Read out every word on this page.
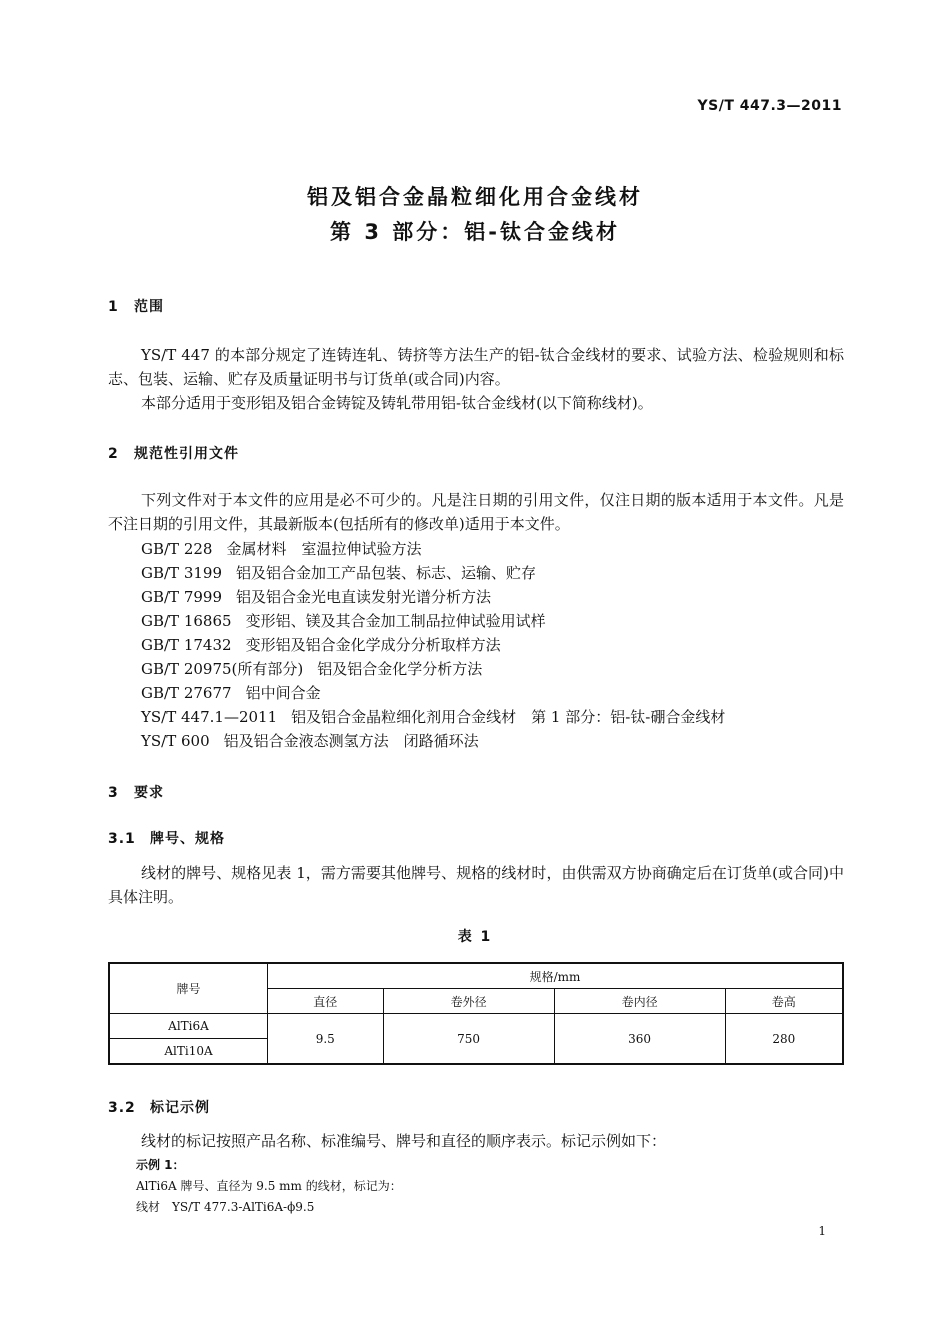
YS/T 447.3—2011
铝及铝合金晶粒细化用合金线材
第 3 部分：铝-钛合金线材
1 范围

YS/T 447 的本部分规定了连铸连轧、铸挤等方法生产的铝-钛合金线材的要求、试验方法、检验规则和标志、包装、运输、贮存及质量证明书与订货单(或合同)内容。

本部分适用于变形铝及铝合金铸锭及铸轧带用铝-钛合金线材(以下简称线材)。

2 规范性引用文件

下列文件对于本文件的应用是必不可少的。凡是注日期的引用文件，仅注日期的版本适用于本文件。凡是不注日期的引用文件，其最新版本(包括所有的修改单)适用于本文件。

GB/T 228 金属材料　室温拉伸试验方法
GB/T 3199 铝及铝合金加工产品包装、标志、运输、贮存
GB/T 7999 铝及铝合金光电直读发射光谱分析方法
GB/T 16865 变形铝、镁及其合金加工制品拉伸试验用试样
GB/T 17432 变形铝及铝合金化学成分分析取样方法
GB/T 20975(所有部分) 铝及铝合金化学分析方法
GB/T 27677 铝中间合金
YS/T 447.1—2011 铝及铝合金晶粒细化剂用合金线材　第 1 部分：铝-钛-硼合金线材
YS/T 600 铝及铝合金液态测氢方法　闭路循环法
3 要求
3.1 牌号、规格

线材的牌号、规格见表 1，需方需要其他牌号、规格的线材时，由供需双方协商确定后在订货单(或合同)中具体注明。

表 1
牌号	规格/mm			
	直径	卷外径	卷内径	卷高
AlTi6A	9.5	750	360	280
AlTi10A				
3.2 标记示例

线材的标记按照产品名称、标准编号、牌号和直径的顺序表示。标记示例如下：

示例 1：
AlTi6A 牌号、直径为 9.5 mm 的线材，标记为：
线材　YS/T 477.3-AlTi6A-ϕ9.5
1
